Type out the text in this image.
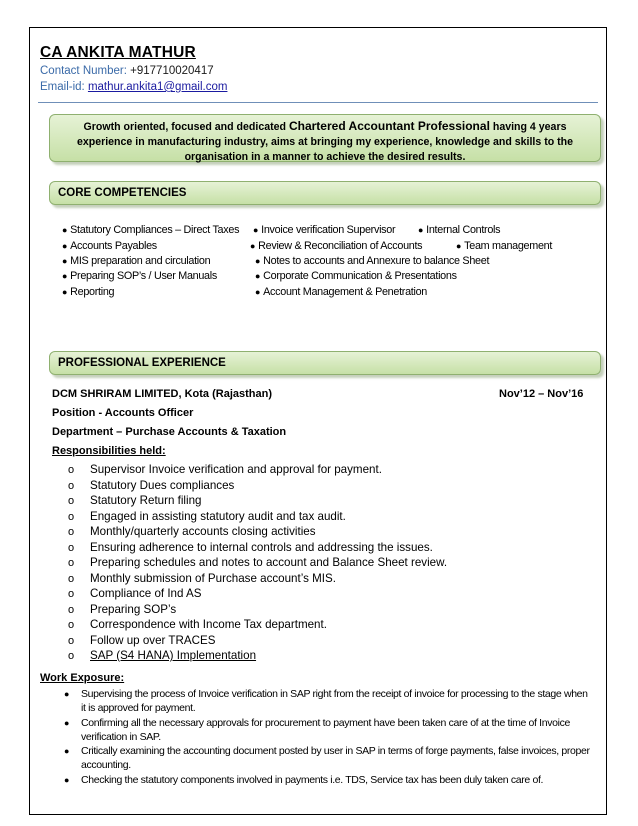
CA ANKITA MATHUR
Contact Number: +917710020417
Email-id: mathur.ankita1@gmail.com
Growth oriented, focused and dedicated Chartered Accountant Professional having 4 years experience in manufacturing industry, aims at bringing my experience, knowledge and skills to the organisation in a manner to achieve the desired results.
CORE COMPETENCIES
● Statutory Compliances – Direct Taxes
● Accounts Payables
● MIS preparation and circulation
● Preparing SOP’s / User Manuals
● Reporting
● Invoice verification Supervisor
● Review & Reconciliation of Accounts
● Notes to accounts and Annexure to balance Sheet
● Corporate Communication & Presentations
● Account Management & Penetration
● Internal Controls
● Team management
PROFESSIONAL EXPERIENCE
DCM SHRIRAM LIMITED, Kota (Rajasthan)	Nov’12 – Nov’16
Position - Accounts Officer
Department – Purchase Accounts & Taxation
Responsibilities held:
o Supervisor Invoice verification and approval for payment.
o Statutory Dues compliances
o Statutory Return filing
o Engaged in assisting statutory audit and tax audit.
o Monthly/quarterly accounts closing activities
o Ensuring adherence to internal controls and addressing the issues.
o Preparing schedules and notes to account and Balance Sheet review.
o Monthly submission of Purchase account’s MIS.
o Compliance of Ind AS
o Preparing SOP’s
o Correspondence with Income Tax department.
o Follow up over TRACES
o SAP (S4 HANA) Implementation
Work Exposure:
● Supervising the process of Invoice verification in SAP right from the receipt of invoice for processing to the stage when it is approved for payment.
● Confirming all the necessary approvals for procurement to payment have been taken care of at the time of Invoice verification in SAP.
● Critically examining the accounting document posted by user in SAP in terms of forge payments, false invoices, proper accounting.
● Checking the statutory components involved in payments i.e. TDS, Service tax has been duly taken care of.
